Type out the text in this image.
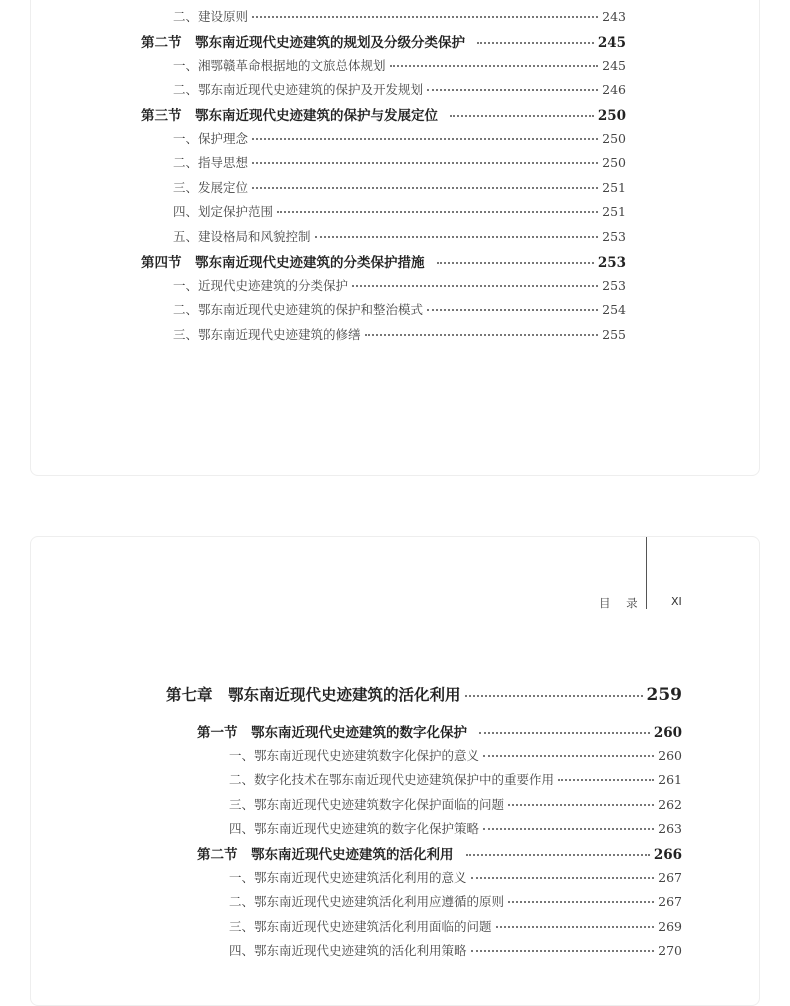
二、建设原则	243
第二节　鄂东南近现代史迹建筑的规划及分级分类保护	245
一、湘鄂赣革命根据地的文旅总体规划	245
二、鄂东南近现代史迹建筑的保护及开发规划	246
第三节　鄂东南近现代史迹建筑的保护与发展定位	250
一、保护理念	250
二、指导思想	250
三、发展定位	251
四、划定保护范围	251
五、建设格局和风貌控制	253
第四节　鄂东南近现代史迹建筑的分类保护措施	253
一、近现代史迹建筑的分类保护	253
二、鄂东南近现代史迹建筑的保护和整治模式	254
三、鄂东南近现代史迹建筑的修缮	255
目 录 XI
第七章　鄂东南近现代史迹建筑的活化利用	259
第一节　鄂东南近现代史迹建筑的数字化保护	260
一、鄂东南近现代史迹建筑数字化保护的意义	260
二、数字化技术在鄂东南近现代史迹建筑保护中的重要作用	261
三、鄂东南近现代史迹建筑数字化保护面临的问题	262
四、鄂东南近现代史迹建筑的数字化保护策略	263
第二节　鄂东南近现代史迹建筑的活化利用	266
一、鄂东南近现代史迹建筑活化利用的意义	267
二、鄂东南近现代史迹建筑活化利用应遵循的原则	267
三、鄂东南近现代史迹建筑活化利用面临的问题	269
四、鄂东南近现代史迹建筑的活化利用策略	270
